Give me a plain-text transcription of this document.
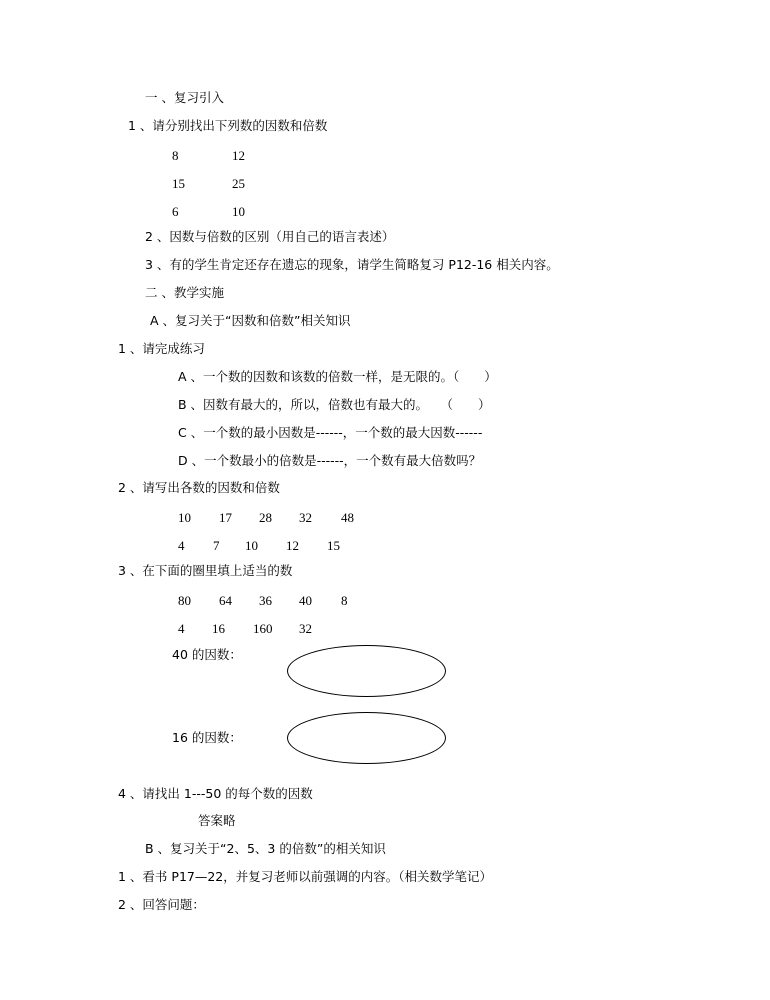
一 、复习引入
1 、请分别找出下列数的因数和倍数
8	12
15	25
6	10
2 、因数与倍数的区别（用自己的语言表述）
3 、有的学生肯定还存在遗忘的现象，请学生简略复习 P12-16 相关内容。
二 、教学实施
A 、复习关于“因数和倍数”相关知识
1 、请完成练习
A 、一个数的因数和该数的倍数一样，是无限的。（　　）
B 、因数有最大的，所以，倍数也有最大的。　　（　　）
C 、一个数的最小因数是------，一个数的最大因数------
D 、一个数最小的倍数是------，一个数有最大倍数吗？
2 、请写出各数的因数和倍数
10 17 28 32 48
4 7 10 12 15
3 、在下面的圈里填上适当的数
80 64 36 40 8
4 16 160 32
40 的因数：
16 的因数：
4 、请找出 1---50 的每个数的因数
答案略
B 、复习关于“2、5、3 的倍数”的相关知识
1 、看书 P17—22，并复习老师以前强调的内容。（相关数学笔记）
2 、回答问题：
